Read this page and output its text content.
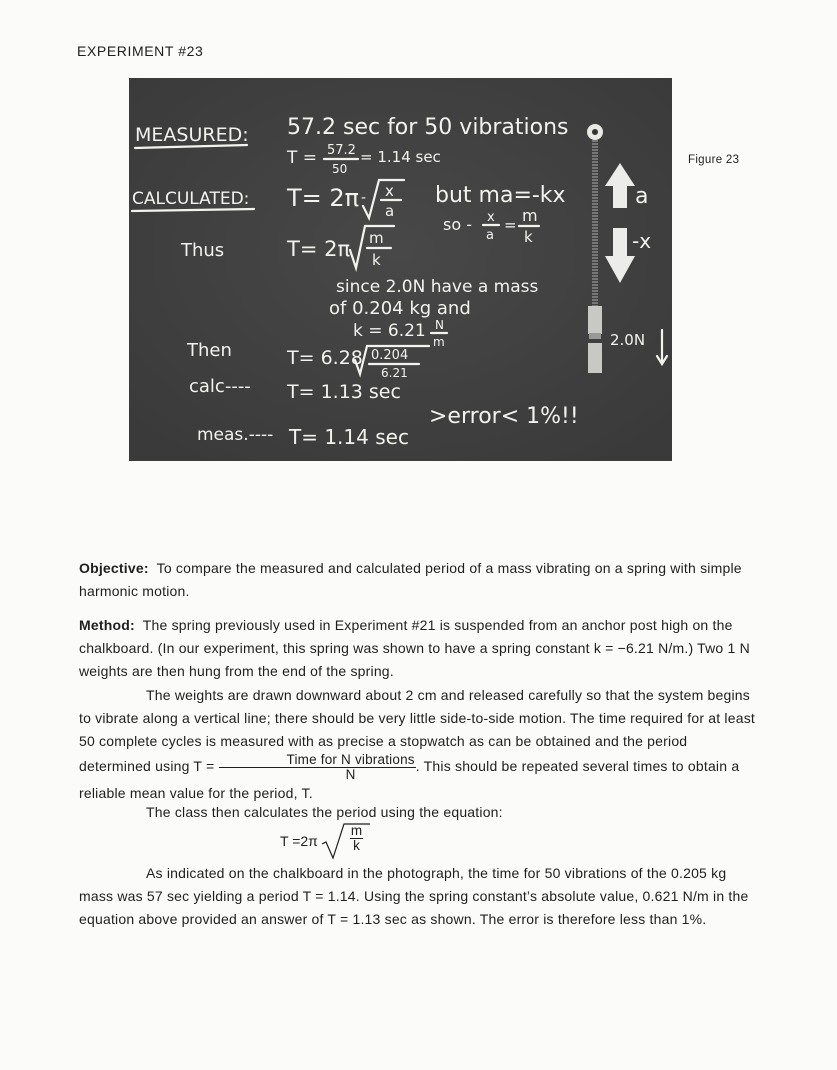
EXPERIMENT #23
MEASURED: 57.2 sec for 50 vibrations
T = 57.2
50
= 1.14 sec
CALCULATED: T= 2π - x
a
but ma=-kx
so - x
a
= m
k
Thus	T= 2π m
k
since 2.0N have a mass
of 0.204 kg and
k = 6.21 N
m
Then	T= 6.28 0.204
6.21
calc---- T= 1.13 sec
meas.---- T= 1.14 sec
>error< 1%!!
a
-x
2.0N
Figure 23

Objective: To compare the measured and calculated period of a mass vibrating on a spring with simple harmonic motion.

Method: The spring previously used in Experiment #21 is suspended from an anchor post high on the chalkboard. (In our experiment, this spring was shown to have a spring constant k = −6.21 N/m.) Two 1 N weights are then hung from the end of the spring.

The weights are drawn downward about 2 cm and released carefully so that the system begins to vibrate along a vertical line; there should be very little side-to-side motion. The time required for at least 50 complete cycles is measured with as precise a stopwatch as can be obtained and the period determined using $T = \frac{\text{Time for N vibrations}}{N}$ . This should be repeated several times to obtain a reliable mean value for the period, T.

The class then calculates the period using the equation:

$T =2\pi \frac{m}{k}$

As indicated on the chalkboard in the photograph, the time for 50 vibrations of the 0.205 kg mass was 57 sec yielding a period T = 1.14. Using the spring constant’s absolute value, 0.621 N/m in the equation above provided an answer of T = 1.13 sec as shown. The error is therefore less than 1%.
